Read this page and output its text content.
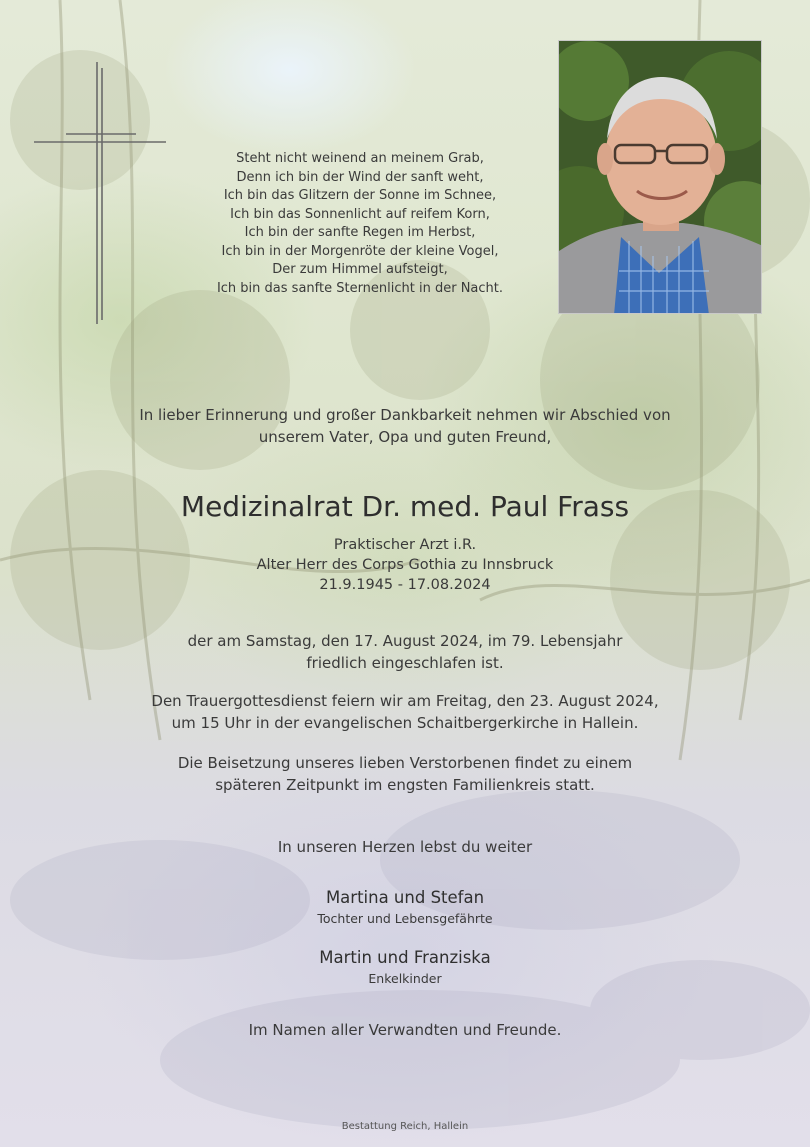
Steht nicht weinend an meinem Grab,
Denn ich bin der Wind der sanft weht,
Ich bin das Glitzern der Sonne im Schnee,
Ich bin das Sonnenlicht auf reifem Korn,
Ich bin der sanfte Regen im Herbst,
Ich bin in der Morgenröte der kleine Vogel,
Der zum Himmel aufsteigt,
Ich bin das sanfte Sternenlicht in der Nacht.
In lieber Erinnerung und großer Dankbarkeit nehmen wir Abschied von
unserem Vater, Opa und guten Freund,
Medizinalrat Dr. med. Paul Frass
Praktischer Arzt i.R.
Alter Herr des Corps Gothia zu Innsbruck
21.9.1945 - 17.08.2024
der am Samstag, den 17. August 2024, im 79. Lebensjahr
friedlich eingeschlafen ist.
Den Trauergottesdienst feiern wir am Freitag, den 23. August 2024,
um 15 Uhr in der evangelischen Schaitbergerkirche in Hallein.
Die Beisetzung unseres lieben Verstorbenen findet zu einem
späteren Zeitpunkt im engsten Familienkreis statt.
In unseren Herzen lebst du weiter
Martina und Stefan
Tochter und Lebensgefährte
Martin und Franziska
Enkelkinder
Im Namen aller Verwandten und Freunde.
Bestattung Reich, Hallein
